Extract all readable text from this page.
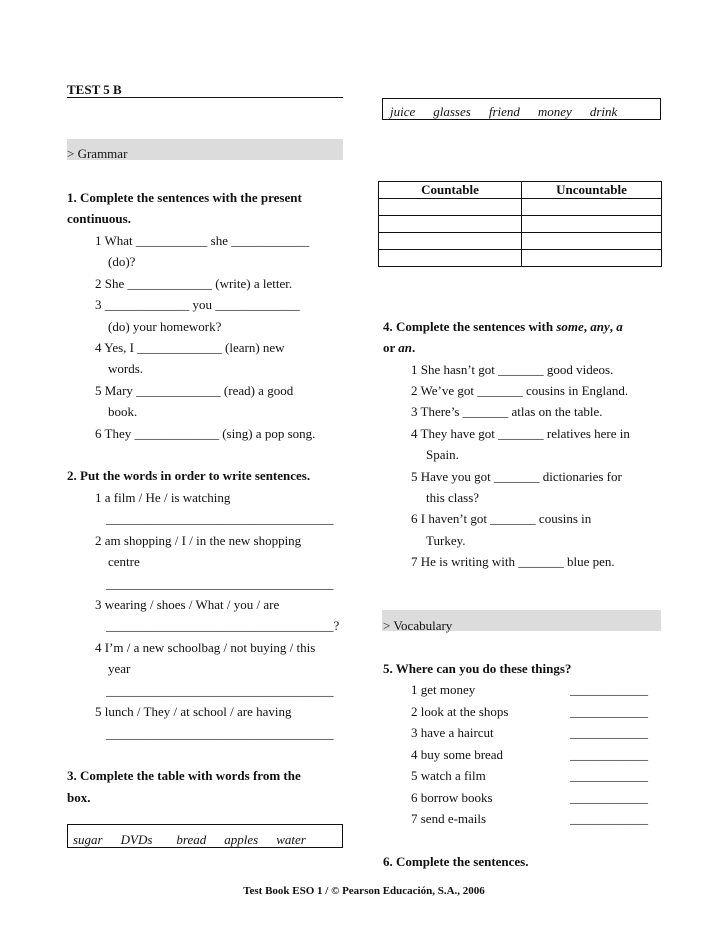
TEST 5 B
> Grammar
1. Complete the sentences with the present
continuous.
1 What ___________ she ____________
(do)?
2 She _____________ (write) a letter.
3 _____________ you _____________
(do) your homework?
4 Yes, I _____________ (learn) new
words.
5 Mary _____________ (read) a good
book.
6 They _____________ (sing) a pop song.
2. Put the words in order to write sentences.
1 a film / He / is watching
___________________________________
2 am shopping / I / in the new shopping
centre
___________________________________
3 wearing / shoes / What / you / are
___________________________________?
4 I’m / a new schoolbag / not buying / this
year
___________________________________
5 lunch / They / at school / are having
___________________________________
3. Complete the table with words from the
box.
sugar DVDs bread apples water
juice glasses friend money drink
Countable	Uncountable

4. Complete the sentences with some, any, a
or an.
1 She hasn’t got _______ good videos.
2 We’ve got _______ cousins in England.
3 There’s _______ atlas on the table.
4 They have got _______ relatives here in
Spain.
5 Have you got _______ dictionaries for
this class?
6 I haven’t got _______ cousins in
Turkey.
7 He is writing with _______ blue pen.
> Vocabulary
5. Where can you do these things?
1 get money	____________
2 look at the shops	____________
3 have a haircut	____________
4 buy some bread	____________
5 watch a film	____________
6 borrow books	____________
7 send e-mails	____________
6. Complete the sentences.
Test Book ESO 1 / © Pearson Educación, S.A., 2006
